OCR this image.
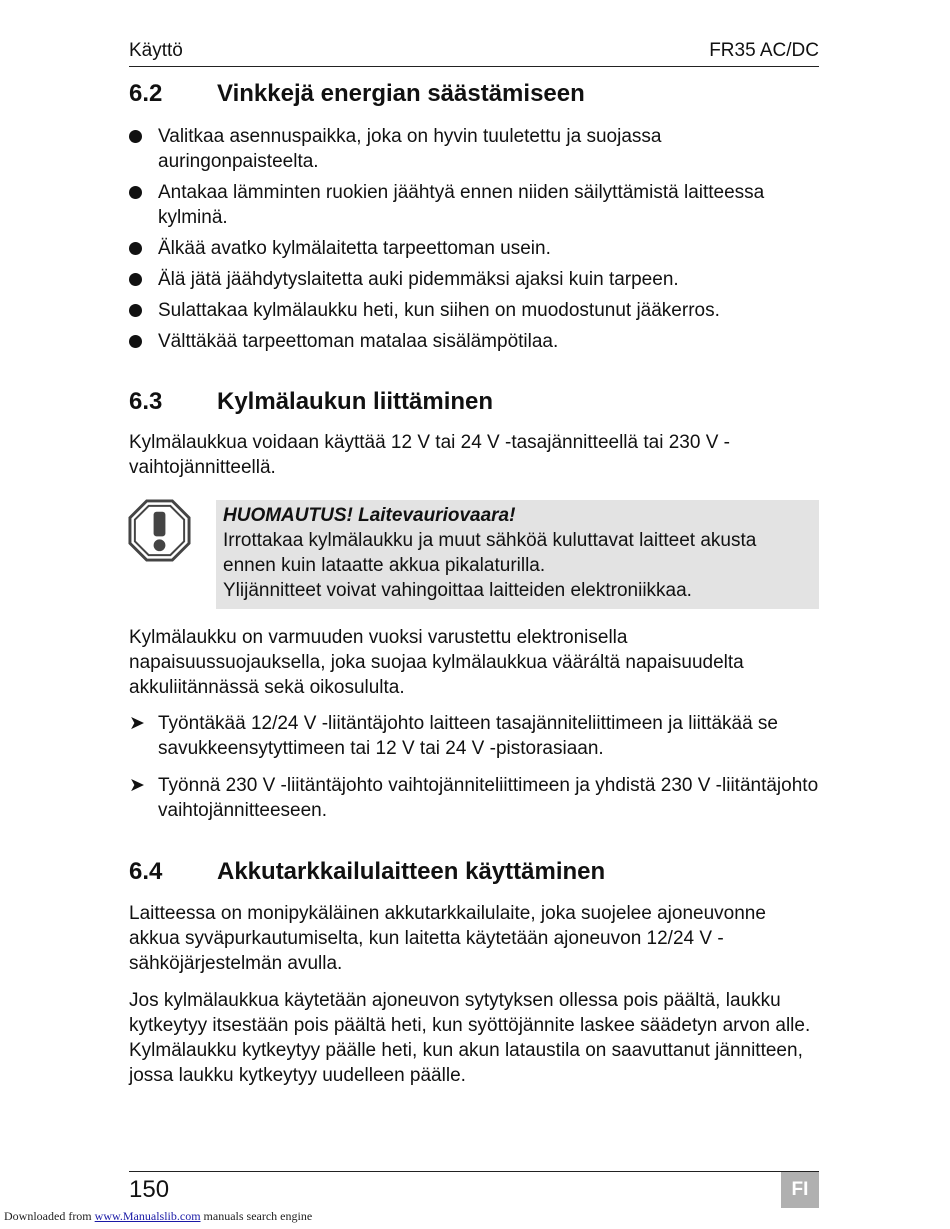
Käyttö	FR35 AC/DC
6.2 Vinkkejä energian säästämiseen
Valitkaa asennuspaikka, joka on hyvin tuuletettu ja suojassa auringonpaisteelta.
Antakaa lämminten ruokien jäähtyä ennen niiden säilyttämistä laitteessa kylminä.
Älkää avatko kylmälaitetta tarpeettoman usein.
Älä jätä jäähdytyslaitetta auki pidemmäksi ajaksi kuin tarpeen.
Sulattakaa kylmälaukku heti, kun siihen on muodostunut jääkerros.
Välttäkää tarpeettoman matalaa sisälämpötilaa.
6.3 Kylmälaukun liittäminen

Kylmälaukkua voidaan käyttää 12 V tai 24 V -tasajännitteellä tai 230 V -vaihtojännitteellä.

HUOMAUTUS! Laitevauriovaara!
Irrottakaa kylmälaukku ja muut sähköä kuluttavat laitteet akusta ennen kuin lataatte akkua pikalaturilla.
Ylijännitteet voivat vahingoittaa laitteiden elektroniikkaa.

Kylmälaukku on varmuuden vuoksi varustettu elektronisella napaisuussuojauksella, joka suojaa kylmälaukkua vääráltä napaisuudelta akkuliitännässä sekä oikosululta.

➤ Työntäkää 12/24 V -liitäntäjohto laitteen tasajänniteliittimeen ja liittäkää se savukkeensytyttimeen tai 12 V tai 24 V -pistorasiaan.
➤ Työnnä 230 V -liitäntäjohto vaihtojänniteliittimeen ja yhdistä 230 V -liitäntäjohto vaihtojännitteeseen.
6.4 Akkutarkkailulaitteen käyttäminen

Laitteessa on monipykäläinen akkutarkkailulaite, joka suojelee ajoneuvonne akkua syväpurkautumiselta, kun laitetta käytetään ajoneuvon 12/24 V -sähköjärjestelmän avulla.

Jos kylmälaukkua käytetään ajoneuvon sytytyksen ollessa pois päältä, laukku kytkeytyy itsestään pois päältä heti, kun syöttöjännite laskee säädetyn arvon alle. Kylmälaukku kytkeytyy päälle heti, kun akun lataustila on saavuttanut jännitteen, jossa laukku kytkeytyy uudelleen päälle.

150	FI
Downloaded from www.Manualslib.com manuals search engine
